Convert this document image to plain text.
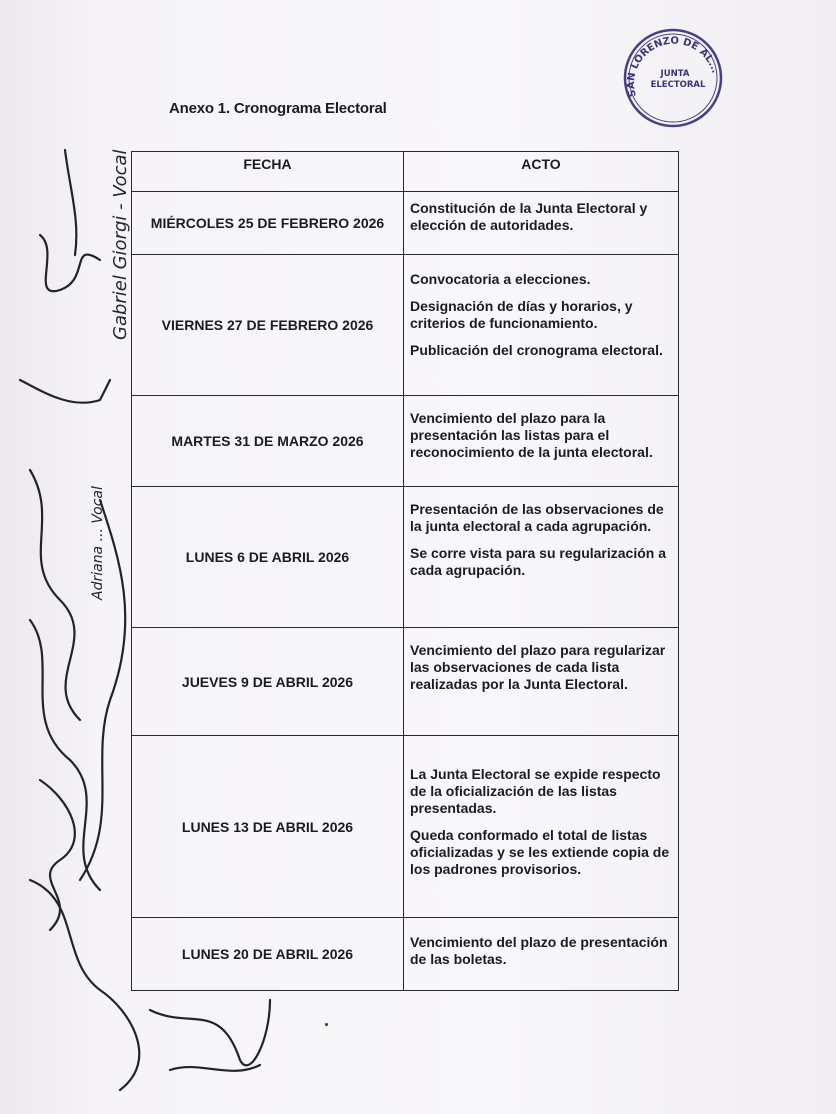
SAN LORENZO DE AL...
JUNTA
ELECTORAL
Anexo 1. Cronograma Electoral
FECHA	ACTO
MIÉRCOLES 25 DE FEBRERO 2026	Constitución de la Junta Electoral y elección de autoridades.

VIERNES 27 DE FEBRERO 2026	Convocatoria a elecciones.

Designación de días y horarios, y criterios de funcionamiento.

Publicación del cronograma electoral.

MARTES 31 DE MARZO 2026	Vencimiento del plazo para la presentación las listas para el reconocimiento de la junta electoral.

LUNES 6 DE ABRIL 2026	Presentación de las observaciones de la junta electoral a cada agrupación.

Se corre vista para su regularización a cada agrupación.

JUEVES 9 DE ABRIL 2026	Vencimiento del plazo para regularizar las observaciones de cada lista realizadas por la Junta Electoral.

LUNES 13 DE ABRIL 2026	La Junta Electoral se expide respecto de la oficialización de las listas presentadas.

Queda conformado el total de listas oficializadas y se les extiende copia de los padrones provisorios.

LUNES 20 DE ABRIL 2026	Vencimiento del plazo de presentación de las boletas.

Gabriel Giorgi - Vocal
Adriana ... Vocal
